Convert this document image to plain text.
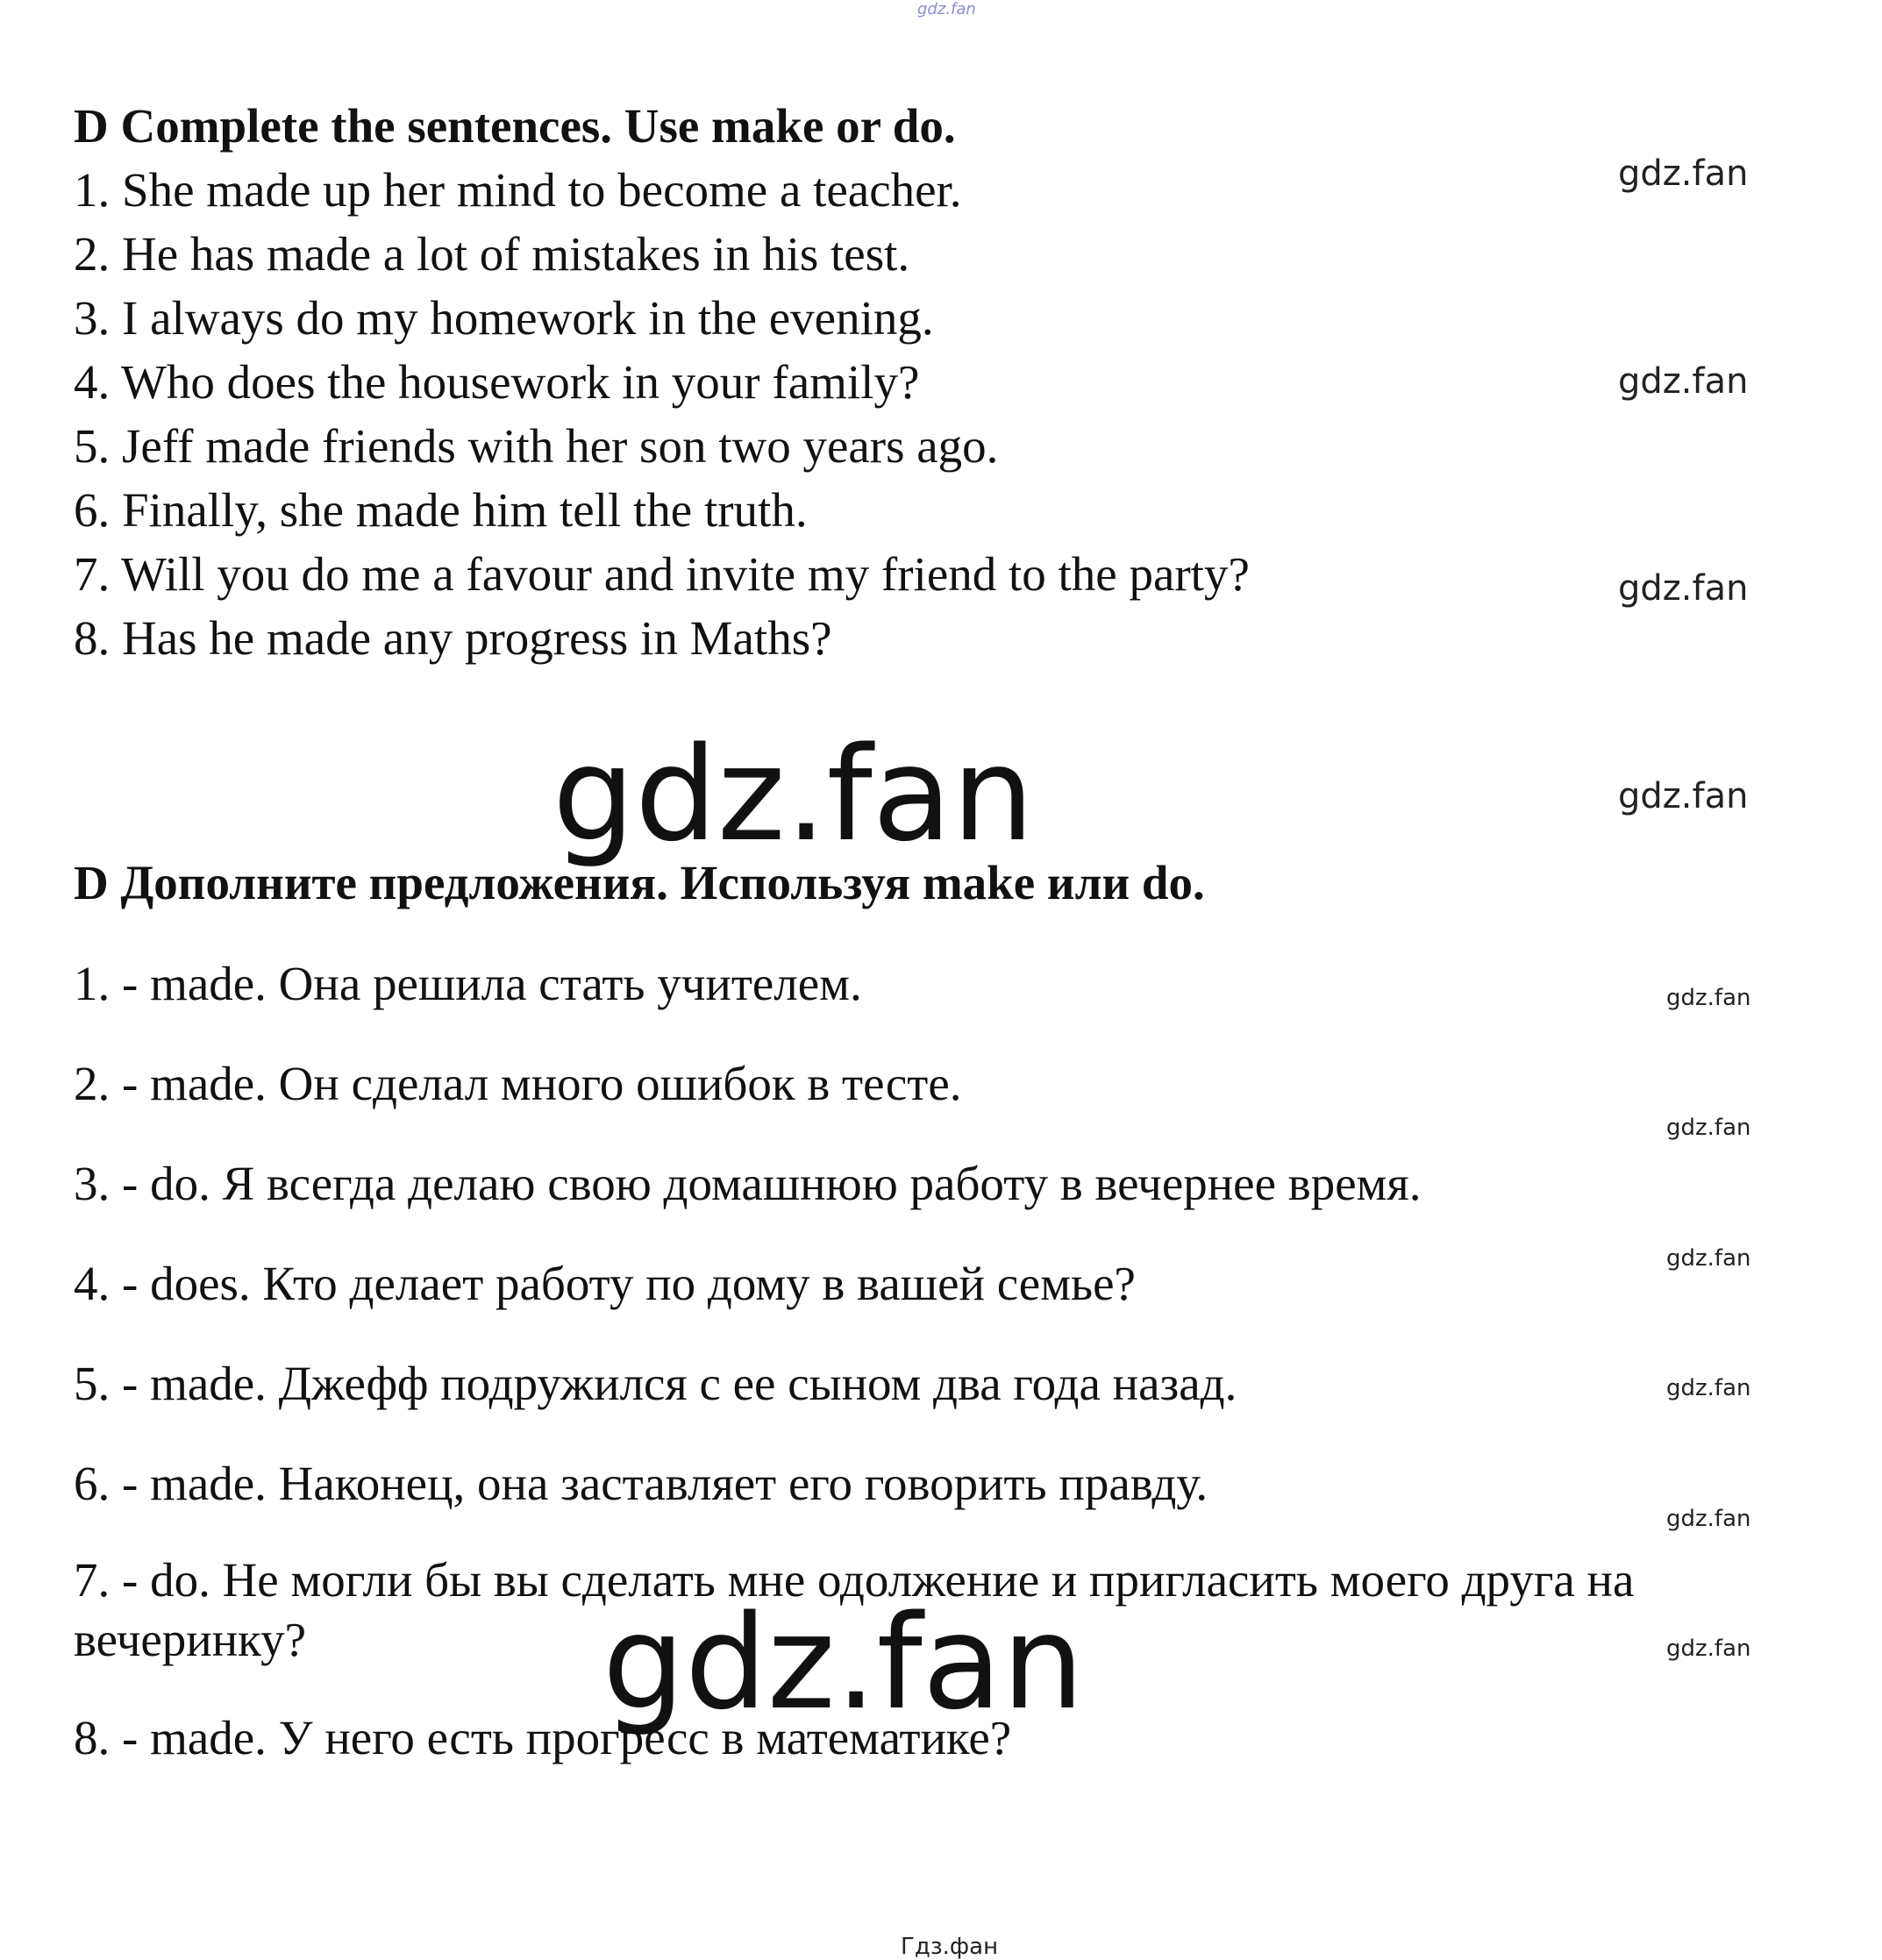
gdz.fan
D Complete the sentences. Use make or do.
1. She made up her mind to become a teacher.
2. He has made a lot of mistakes in his test.
3. I always do my homework in the evening.
4. Who does the housework in your family?
5. Jeff made friends with her son two years ago.
6. Finally, she made him tell the truth.
7. Will you do me a favour and invite my friend to the party?
8. Has he made any progress in Maths?
gdz.fan
gdz.fan
gdz.fan
gdz.fan
gdz.fan
D Дополните предложения. Используя make или do.
1. - made. Она решила стать учителем.
2. - made. Он сделал много ошибок в тесте.
3. - do. Я всегда делаю свою домашнюю работу в вечернее время.
4. - does. Кто делает работу по дому в вашей семье?
5. - made. Джефф подружился с ее сыном два года назад.
6. - made. Наконец, она заставляет его говорить правду.
7. - do. Не могли бы вы сделать мне одолжение и пригласить моего друга на вечеринку?
8. - made. У него есть прогресс в математике?
gdz.fan
gdz.fan
gdz.fan
gdz.fan
gdz.fan
gdz.fan
gdz.fan
Гдз.фан
